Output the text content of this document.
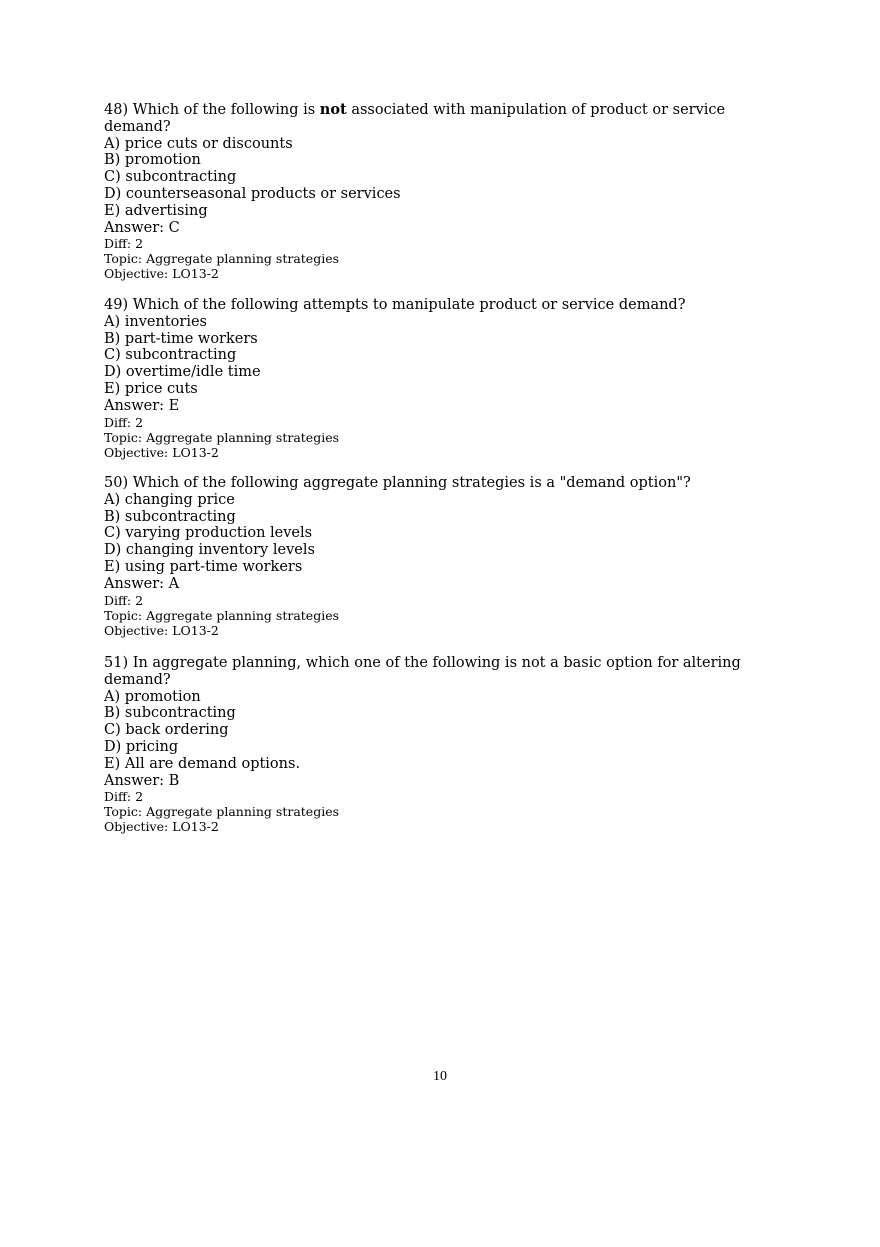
48) Which of the following is not associated with manipulation of product or service demand?

A) price cuts or discounts

B) promotion

C) subcontracting

D) counterseasonal products or services

E) advertising

Answer: C

Diff: 2

Topic: Aggregate planning strategies

Objective: LO13-2

49) Which of the following attempts to manipulate product or service demand?

A) inventories

B) part-time workers

C) subcontracting

D) overtime/idle time

E) price cuts

Answer: E

Diff: 2

Topic: Aggregate planning strategies

Objective: LO13-2

50) Which of the following aggregate planning strategies is a "demand option"?

A) changing price

B) subcontracting

C) varying production levels

D) changing inventory levels

E) using part-time workers

Answer: A

Diff: 2

Topic: Aggregate planning strategies

Objective: LO13-2

51) In aggregate planning, which one of the following is not a basic option for altering demand?

A) promotion

B) subcontracting

C) back ordering

D) pricing

E) All are demand options.

Answer: B

Diff: 2

Topic: Aggregate planning strategies

Objective: LO13-2

10
